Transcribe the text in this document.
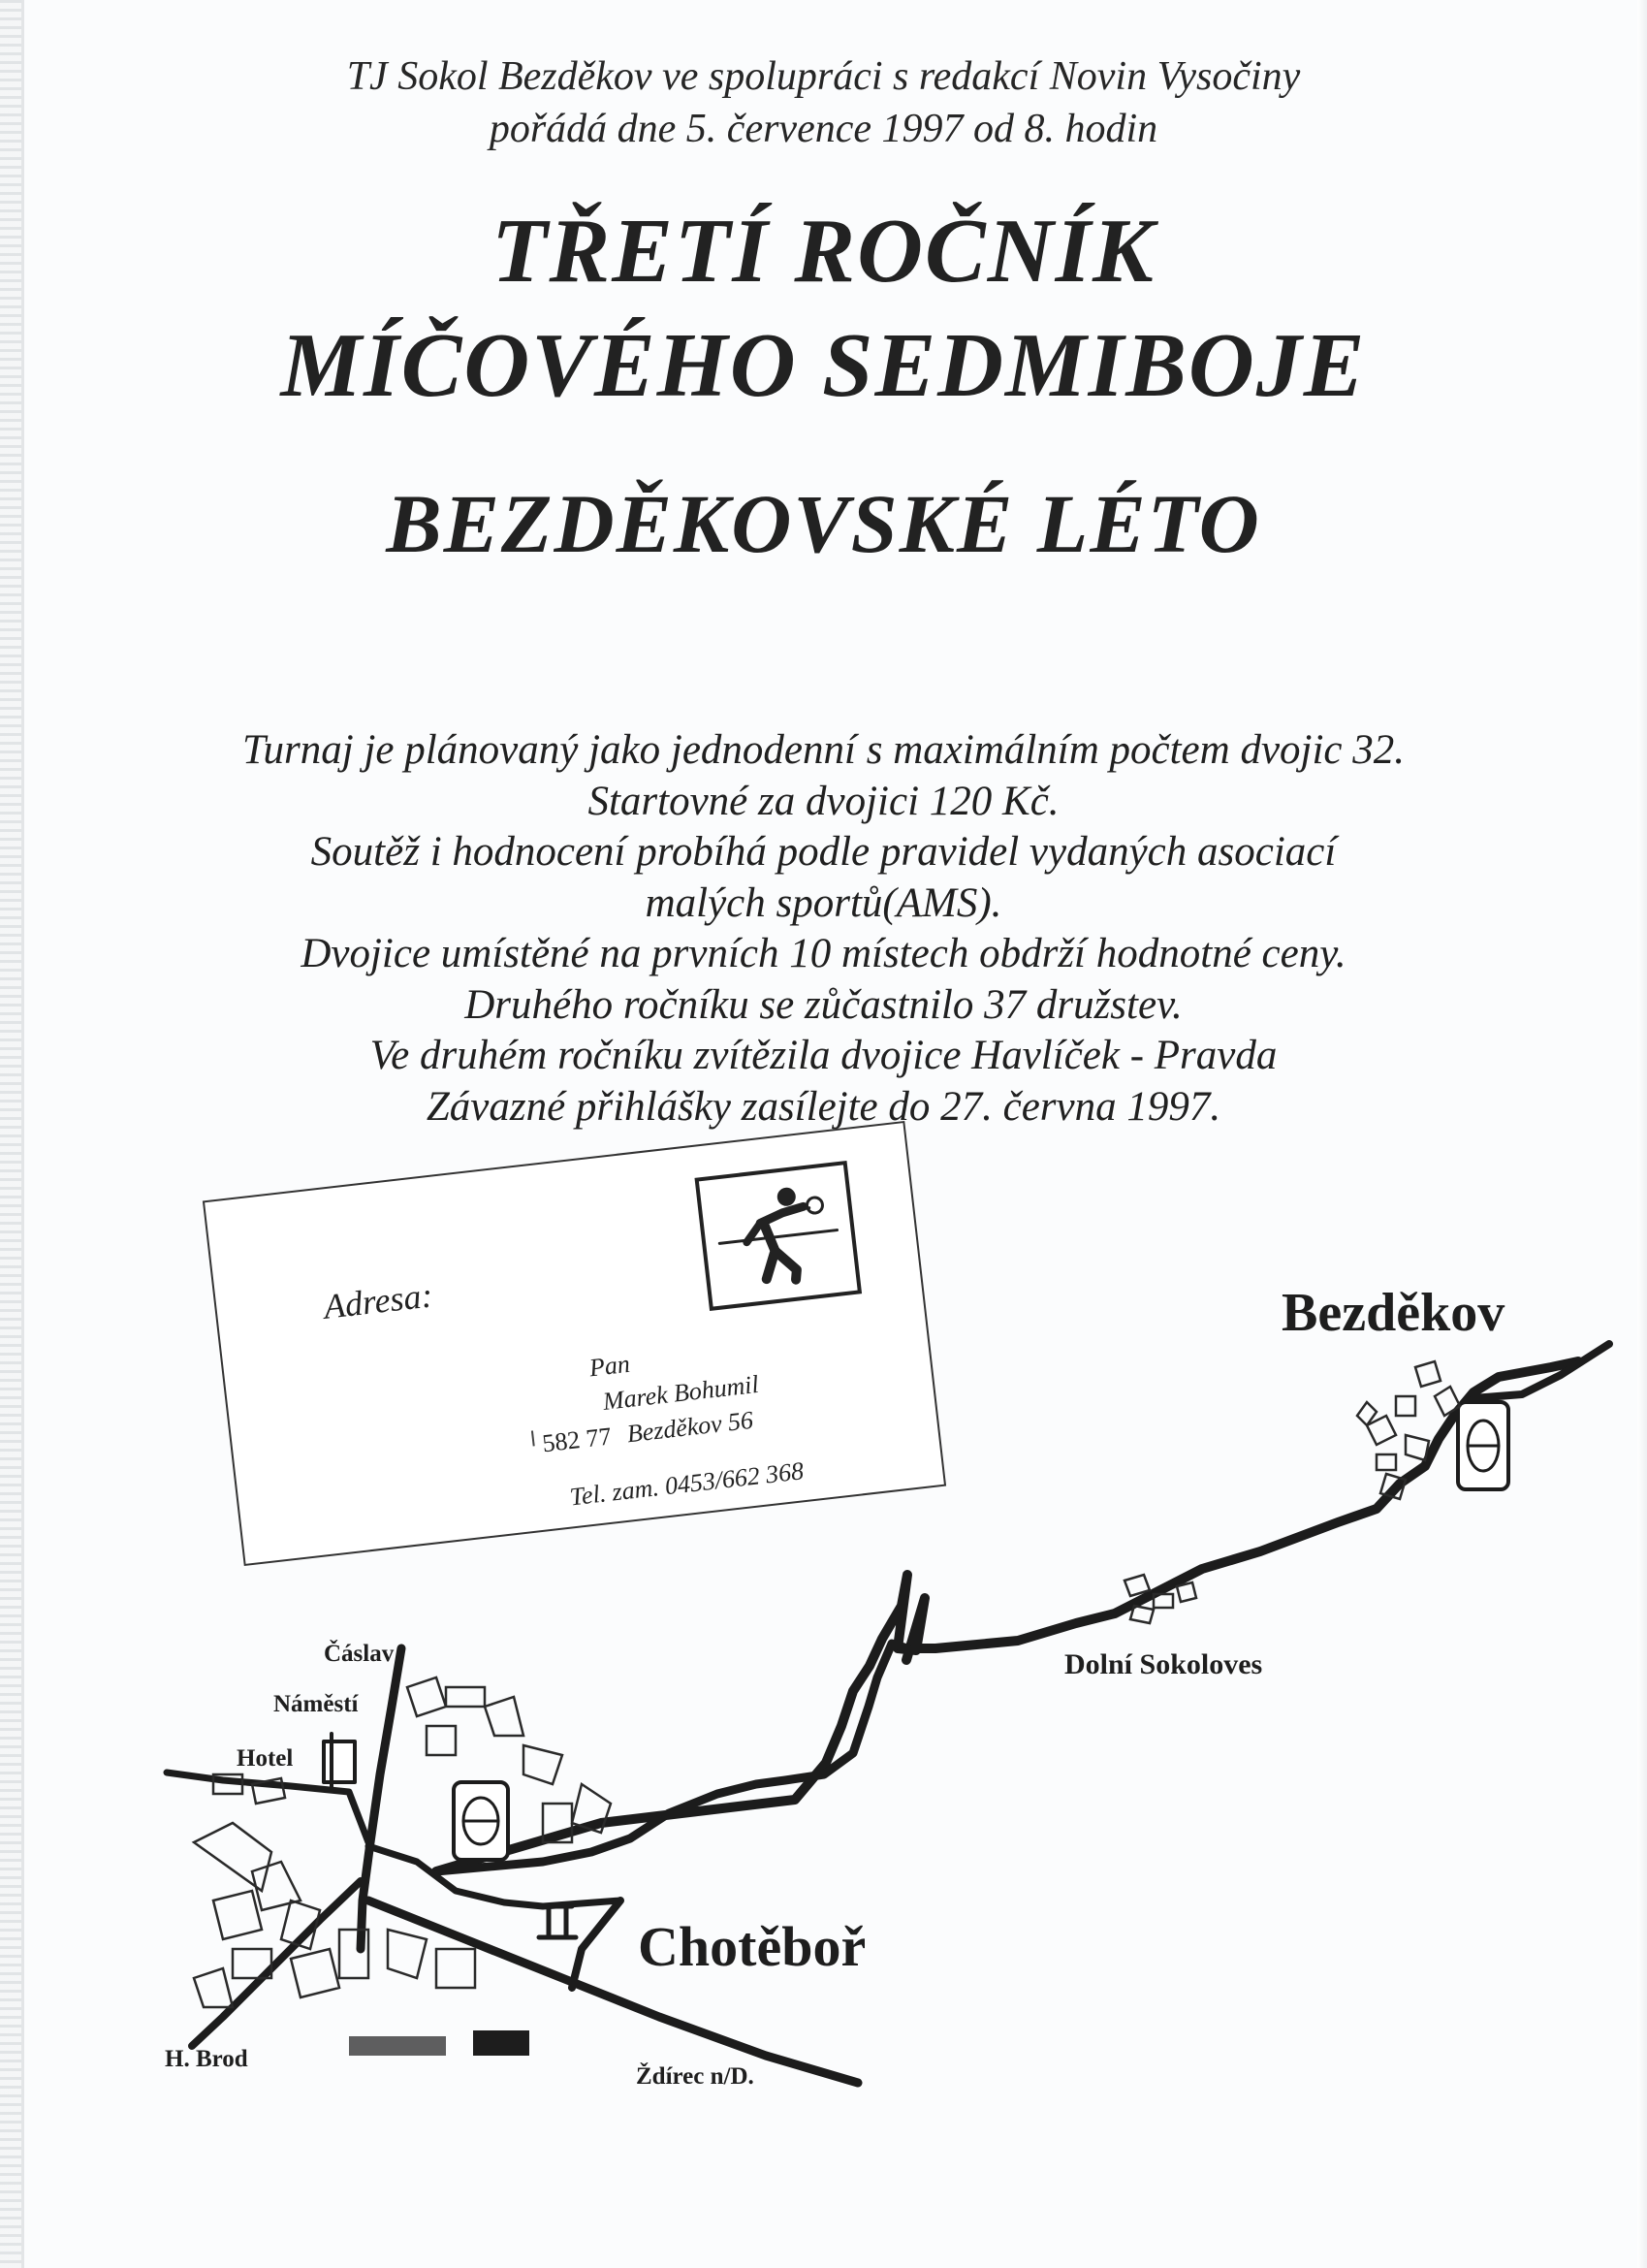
TJ Sokol Bezděkov ve spolupráci s redakcí Novin Vysočiny
pořádá dne 5. července 1997 od 8. hodin
TŘETÍ ROČNÍK
MÍČOVÉHO SEDMIBOJE
BEZDĚKOVSKÉ LÉTO
Turnaj je plánovaný jako jednodenní s maximálním počtem dvojic 32.
Startovné za dvojici 120 Kč.
Soutěž i hodnocení probíhá podle pravidel vydaných asociací
malých sportů(AMS).
Dvojice umístěné na prvních 10 místech obdrží hodnotné ceny.
Druhého ročníku se zůčastnilo 37 družstev.
Ve druhém ročníku zvítězila dvojice Havlíček - Pravda
Závazné přihlášky zasílejte do 27. června 1997.
Adresa:
Pan
Marek Bohumil
582 77 Bezděkov 56
Tel. zam. 0453/662 368
Bezděkov
Dolní Sokoloves
Chotěboř
Čáslav
Náměstí
Hotel
H. Brod
Ždírec n/D.
